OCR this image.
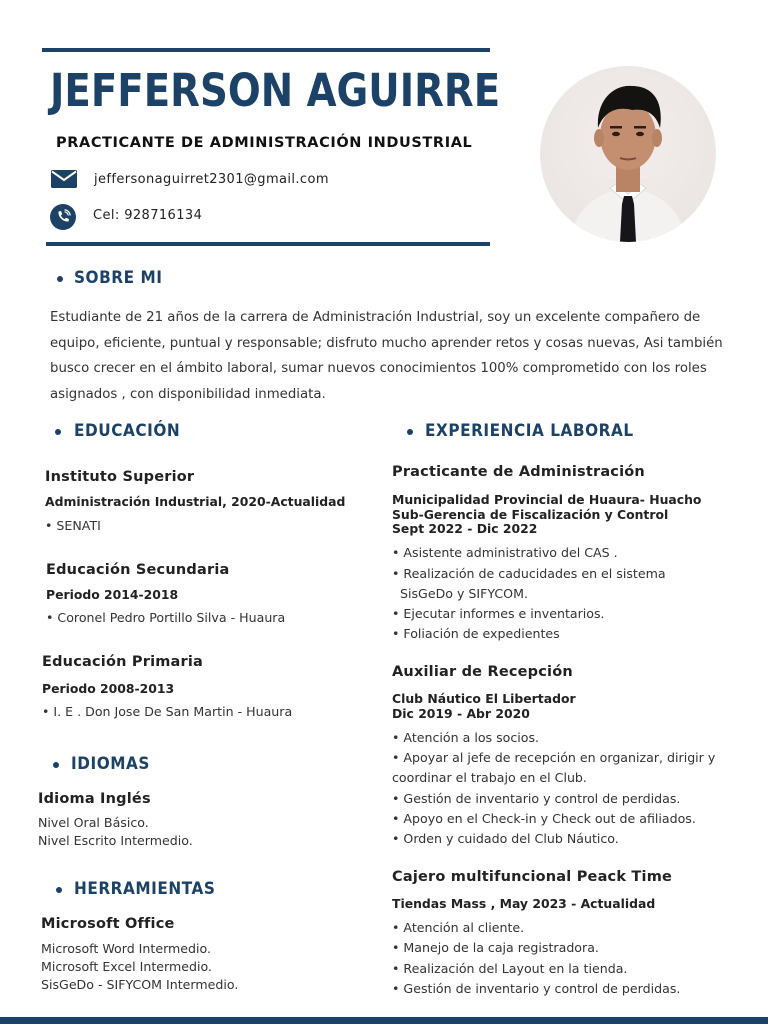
JEFFERSON AGUIRRE
PRACTICANTE DE ADMINISTRACIÓN INDUSTRIAL
jeffersonaguirret2301@gmail.com
Cel: 928716134
SOBRE MI
Estudiante de 21 años de la carrera de Administración Industrial, soy un excelente compañero de equipo, eficiente, puntual y responsable; disfruto mucho aprender retos y cosas nuevas, Asi también busco crecer en el ámbito laboral, sumar nuevos conocimientos 100% comprometido con los roles asignados , con disponibilidad inmediata.
EDUCACIÓN
Instituto Superior
Administración Industrial, 2020-Actualidad
• SENATI
Educación Secundaria
Periodo 2014-2018
• Coronel Pedro Portillo Silva - Huaura
Educación Primaria
Periodo 2008-2013
• I. E . Don Jose De San Martin - Huaura
IDIOMAS
Idioma Inglés
Nivel Oral Básico.
Nivel Escrito Intermedio.
HERRAMIENTAS
Microsoft Office
Microsoft Word Intermedio.
Microsoft Excel Intermedio.
SisGeDo - SIFYCOM Intermedio.
EXPERIENCIA LABORAL
Practicante de Administración
Municipalidad Provincial de Huaura- Huacho
Sub-Gerencia de Fiscalización y Control
Sept 2022 - Dic 2022
• Asistente administrativo del CAS .
• Realización de caducidades en el sistema
SisGeDo y SIFYCOM.
• Ejecutar informes e inventarios.
• Foliación de expedientes
Auxiliar de Recepción
Club Náutico El Libertador
Dic 2019 - Abr 2020
• Atención a los socios.
• Apoyar al jefe de recepción en organizar, dirigir y
coordinar el trabajo en el Club.
• Gestión de inventario y control de perdidas.
• Apoyo en el Check-in y Check out de afiliados.
• Orden y cuidado del Club Náutico.
Cajero multifuncional Peack Time
Tiendas Mass , May 2023 - Actualidad
• Atención al cliente.
• Manejo de la caja registradora.
• Realización del Layout en la tienda.
• Gestión de inventario y control de perdidas.
